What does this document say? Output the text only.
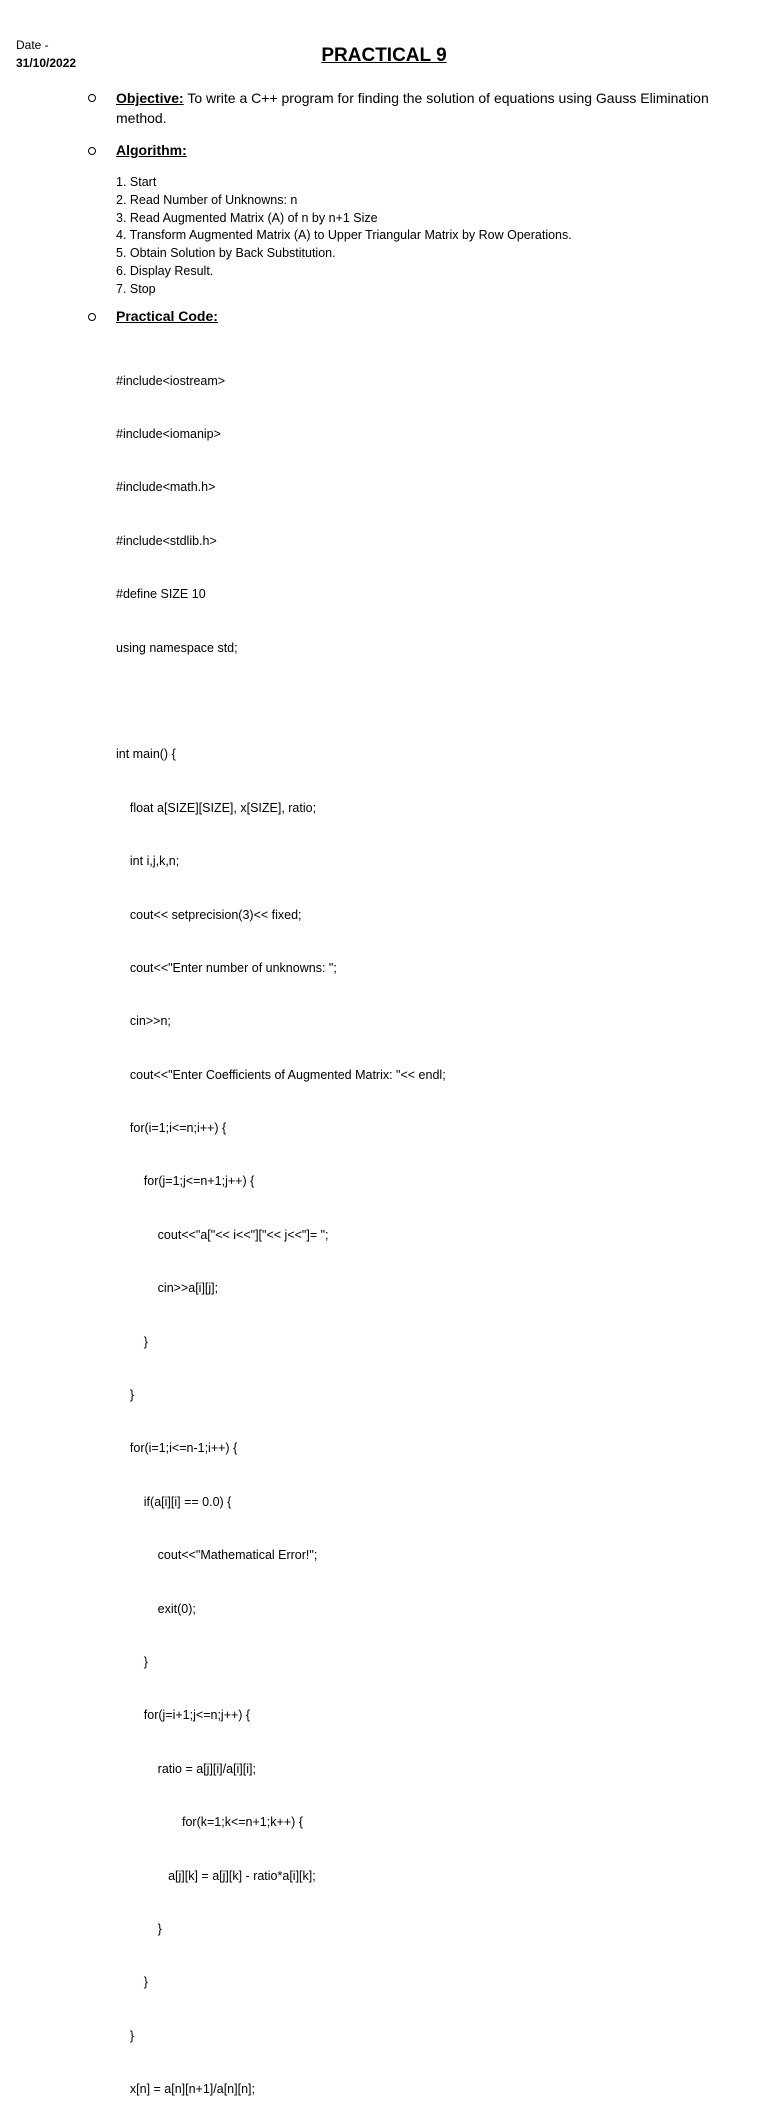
Date -
31/10/2022	PRACTICAL 9
Objective: To write a C++ program for finding the solution of equations using Gauss Elimination method.
Algorithm:
1. Start
2. Read Number of Unknowns: n
3. Read Augmented Matrix (A) of n by n+1 Size
4. Transform Augmented Matrix (A) to Upper Triangular Matrix by Row Operations.
5. Obtain Solution by Back Substitution.
6. Display Result.
7. Stop
Practical Code:

#include<iostream>

#include<iomanip>

#include<math.h>

#include<stdlib.h>

#define SIZE 10

using namespace std;

int main() {

float a[SIZE][SIZE], x[SIZE], ratio;

int i,j,k,n;

cout<< setprecision(3)<< fixed;

cout<<"Enter number of unknowns: ";

cin>>n;

cout<<"Enter Coefficients of Augmented Matrix: "<< endl;

for(i=1;i<=n;i++) {

for(j=1;j<=n+1;j++) {

cout<<"a["<< i<<"]["<< j<<"]= ";

cin>>a[i][j];

}

}

for(i=1;i<=n-1;i++) {

if(a[i][i] == 0.0) {

cout<<"Mathematical Error!";

exit(0);

}

for(j=i+1;j<=n;j++) {

ratio = a[j][i]/a[i][i];

for(k=1;k<=n+1;k++) {

a[j][k] = a[j][k] - ratio*a[i][k];

}

}

}

x[n] = a[n][n+1]/a[n][n];
